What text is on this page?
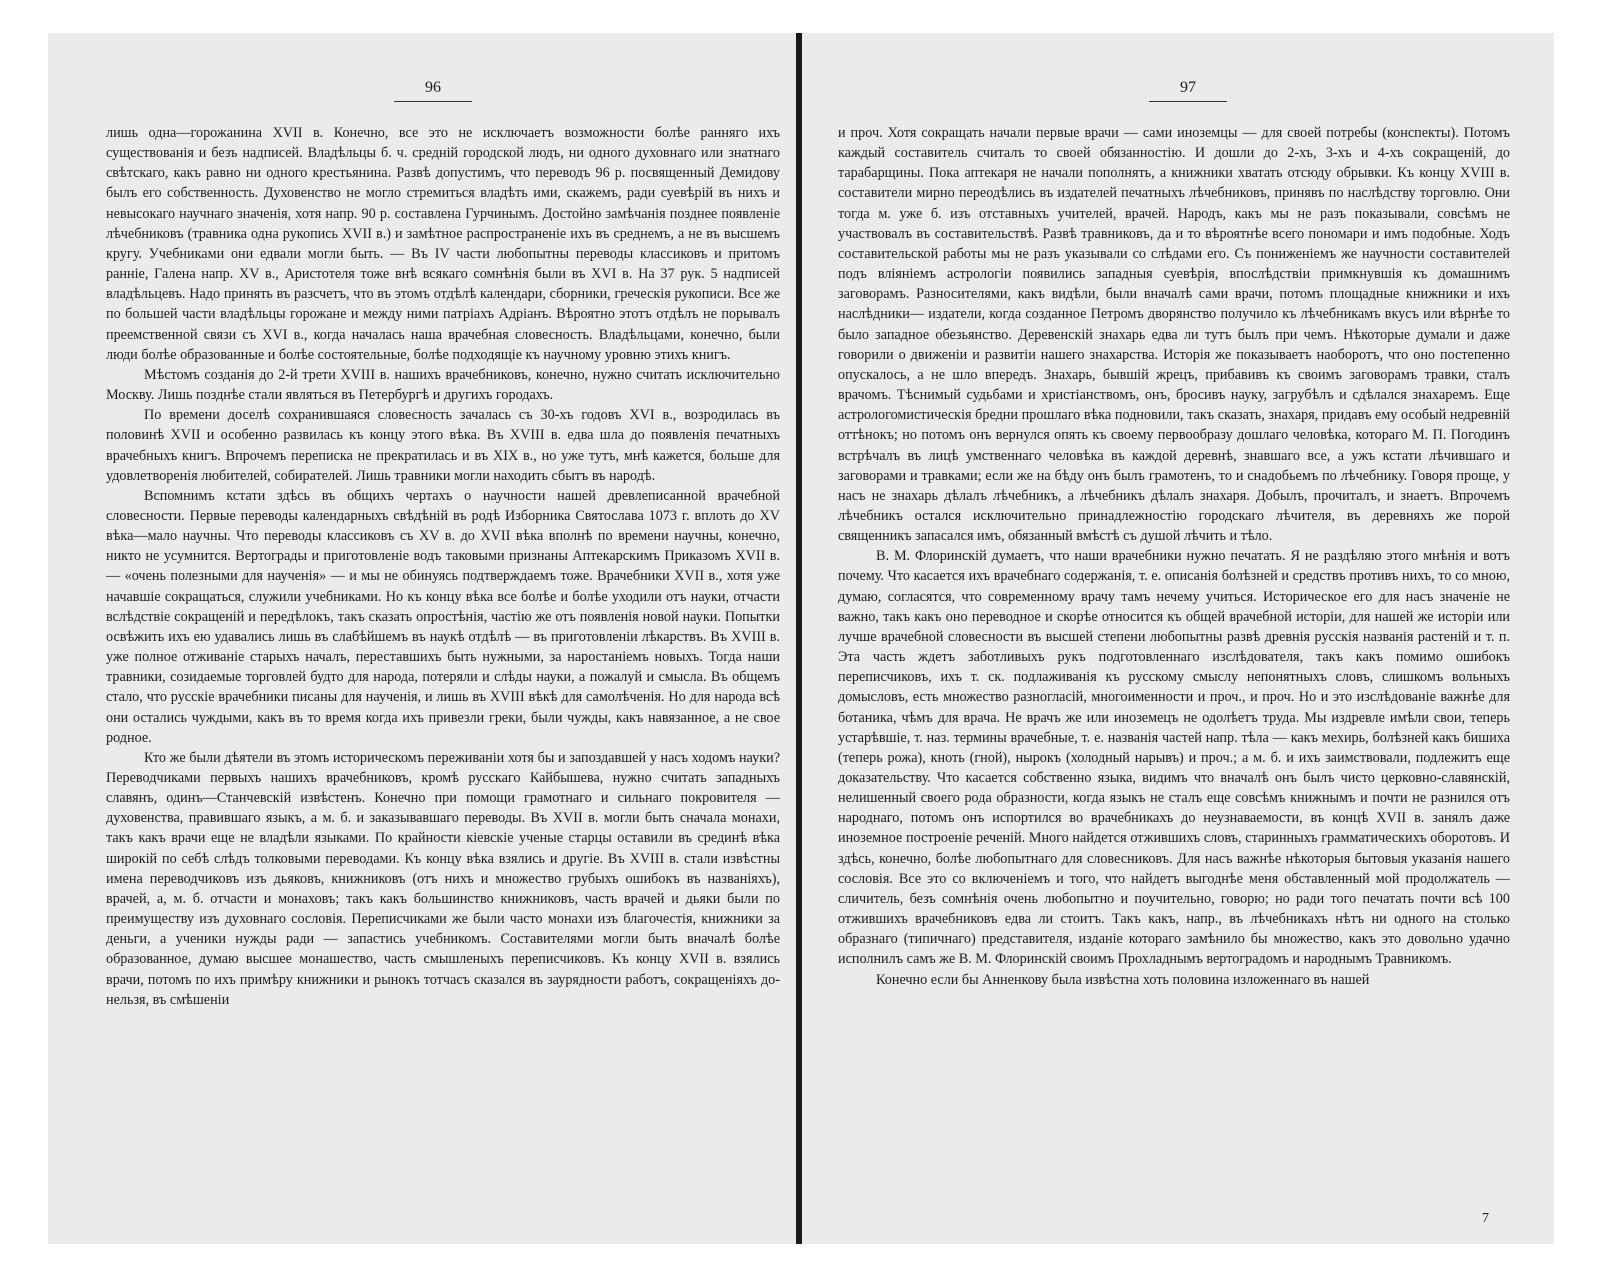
96

лишь одна—горожанина XVII в. Конечно, все это не исключаетъ возможности болѣе ранняго ихъ существованія и безъ надписей. Владѣльцы б. ч. средній городской людъ, ни одного духовнаго или знатнаго свѣтскаго, какъ равно ни одного крестьянина. Развѣ допустимъ, что переводъ 96 р. посвященный Демидову былъ его собственность. Духовенство не могло стремиться владѣть ими, скажемъ, ради суевѣрій въ нихъ и невысокаго научнаго значенія, хотя напр. 90 р. составлена Гурчинымъ. Достойно замѣчанія позднее появленіе лѣчебниковъ (травника одна рукопись XVII в.) и замѣтное распространеніе ихъ въ среднемъ, а не въ высшемъ кругу. Учебниками они едвали могли быть. — Въ IV части любопытны переводы классиковъ и притомъ ранніе, Галена напр. XV в., Аристотеля тоже внѣ всякаго сомнѣнія были въ XVI в. На 37 рук. 5 надписей владѣльцевъ. Надо принять въ разсчетъ, что въ этомъ отдѣлѣ календари, сборники, греческія рукописи. Все же по большей части владѣльцы горожане и между ними патріахъ Адріанъ. Вѣроятно этотъ отдѣлъ не порывалъ преемственной связи съ XVI в., когда началась наша врачебная словесность. Владѣльцами, конечно, были люди болѣе образованные и болѣе состоятельные, болѣе подходящіе къ научному уровню этихъ книгъ.

Мѣстомъ созданія до 2-й трети XVIII в. нашихъ врачебниковъ, конечно, нужно считать исключительно Москву. Лишь позднѣе стали являться въ Петербургѣ и другихъ городахъ.

По времени доселѣ сохранившаяся словесность зачалась съ 30-хъ годовъ XVI в., возродилась въ половинѣ XVII и особенно развилась къ концу этого вѣка. Въ XVIII в. едва шла до появленія печатныхъ врачебныхъ книгъ. Впрочемъ переписка не прекратилась и въ XIX в., но уже тутъ, мнѣ кажется, больше для удовлетворенія любителей, собирателей. Лишь травники могли находить сбытъ въ народѣ.

Вспомнимъ кстати здѣсь въ общихъ чертахъ о научности нашей древлеписанной врачебной словесности. Первые переводы календарныхъ свѣдѣній въ родѣ Изборника Святослава 1073 г. вплоть до XV вѣка—мало научны. Что переводы классиковъ съ XV в. до XVII вѣка вполнѣ по времени научны, конечно, никто не усумнится. Вертограды и приготовленіе водъ таковыми признаны Аптекарскимъ Приказомъ XVII в. — «очень полезными для наученія» — и мы не обинуясь подтверждаемъ тоже. Врачебники XVII в., хотя уже начавшіе сокращаться, служили учебниками. Но къ концу вѣка все болѣе и болѣе уходили отъ науки, отчасти вслѣдствіе сокращеній и передѣлокъ, такъ сказать опростѣнія, частію же отъ появленія новой науки. Попытки освѣжить ихъ ею удавались лишь въ слабѣйшемъ въ наукѣ отдѣлѣ — въ приготовленіи лѣкарствъ. Въ XVIII в. уже полное отживаніе старыхъ началъ, переставшихъ быть нужными, за наростаніемъ новыхъ. Тогда наши травники, созидаемые торговлей будто для народа, потеряли и слѣды науки, а пожалуй и смысла. Въ общемъ стало, что русскіе врачебники писаны для наученія, и лишь въ XVIII вѣкѣ для самолѣченія. Но для народа всѣ они остались чуждыми, какъ въ то время когда ихъ привезли греки, были чужды, какъ навязанное, а не свое родное.

Кто же были дѣятели въ этомъ историческомъ переживаніи хотя бы и запоздавшей у насъ ходомъ науки? Переводчиками первыхъ нашихъ врачебниковъ, кромѣ русскаго Кайбышева, нужно считать западныхъ славянъ, одинъ—Станчевскій извѣстенъ. Конечно при помощи грамотнаго и сильнаго покровителя — духовенства, правившаго языкъ, а м. б. и заказывавшаго переводы. Въ XVII в. могли быть сначала монахи, такъ какъ врачи еще не владѣли языками. По крайности кіевскіе ученые старцы оставили въ срединѣ вѣка широкій по себѣ слѣдъ толковыми переводами. Къ концу вѣка взялись и другіе. Въ XVIII в. стали извѣстны имена переводчиковъ изъ дьяковъ, книжниковъ (отъ нихъ и множество грубыхъ ошибокъ въ названіяхъ), врачей, а, м. б. отчасти и монаховъ; такъ какъ большинство книжниковъ, часть врачей и дьяки были по преимуществу изъ духовнаго сословія. Переписчиками же были часто монахи изъ благочестія, книжники за деньги, а ученики нужды ради — запастись учебникомъ. Составителями могли быть вначалѣ болѣе образованное, думаю высшее монашество, часть смышленыхъ переписчиковъ. Къ концу XVII в. взялись врачи, потомъ по ихъ примѣру книжники и рынокъ тотчасъ сказался въ заурядности работъ, сокращеніяхъ до-нельзя, въ смѣшеніи

97

и проч. Хотя сокращать начали первые врачи — сами иноземцы — для своей потребы (конспекты). Потомъ каждый составитель считалъ то своей обязанностію. И дошли до 2-хъ, 3-хъ и 4-хъ сокращеній, до тарабарщины. Пока аптекаря не начали пополнять, а книжники хватать отсюду обрывки. Къ концу XVIII в. составители мирно переодѣлись въ издателей печатныхъ лѣчебниковъ, принявъ по наслѣдству торговлю. Они тогда м. уже б. изъ отставныхъ учителей, врачей. Народъ, какъ мы не разъ показывали, совсѣмъ не участвовалъ въ составительствѣ. Развѣ травниковъ, да и то вѣроятнѣе всего пономари и имъ подобные. Ходъ составительской работы мы не разъ указывали со слѣдами его. Съ пониженіемъ же научности составителей подъ вліяніемъ астрологіи появились западныя суевѣрія, впослѣдствіи примкнувшія къ домашнимъ заговорамъ. Разносителями, какъ видѣли, были вначалѣ сами врачи, потомъ площадные книжники и ихъ наслѣдники— издатели, когда созданное Петромъ дворянство получило къ лѣчебникамъ вкусъ или вѣрнѣе то было западное обезьянство. Деревенскій знахарь едва ли тутъ былъ при чемъ. Нѣкоторые думали и даже говорили о движеніи и развитіи нашего знахарства. Исторія же показываетъ наоборотъ, что оно постепенно опускалось, а не шло впередъ. Знахарь, бывшій жрецъ, прибавивъ къ своимъ заговорамъ травки, сталъ врачомъ. Тѣснимый судьбами и христіанствомъ, онъ, бросивъ науку, загрубѣлъ и сдѣлался знахаремъ. Еще астрологомистическія бредни прошлаго вѣка подновили, такъ сказать, знахаря, придавъ ему особый недревній оттѣнокъ; но потомъ онъ вернулся опять къ своему первообразу дошлаго человѣка, котораго М. П. Погодинъ встрѣчалъ въ лицѣ умственнаго человѣка въ каждой деревнѣ, знавшаго все, а ужъ кстати лѣчившаго и заговорами и травками; если же на бѣду онъ былъ грамотенъ, то и снадобьемъ по лѣчебнику. Говоря проще, у насъ не знахарь дѣлалъ лѣчебникъ, а лѣчебникъ дѣлалъ знахаря. Добылъ, прочиталъ, и знаетъ. Впрочемъ лѣчебникъ остался исключительно принадлежностію городскаго лѣчителя, въ деревняхъ же порой священникъ запасался имъ, обязанный вмѣстѣ съ душой лѣчить и тѣло.

В. М. Флоринскій думаетъ, что наши врачебники нужно печатать. Я не раздѣляю этого мнѣнія и вотъ почему. Что касается ихъ врачебнаго содержанія, т. е. описанія болѣзней и средствъ противъ нихъ, то со мною, думаю, согласятся, что современному врачу тамъ нечему учиться. Историческое его для насъ значеніе не важно, такъ какъ оно переводное и скорѣе относится къ общей врачебной исторіи, для нашей же исторіи или лучше врачебной словесности въ высшей степени любопытны развѣ древнія русскія названія растеній и т. п. Эта часть ждетъ заботливыхъ рукъ подготовленнаго изслѣдователя, такъ какъ помимо ошибокъ переписчиковъ, ихъ т. ск. подлаживанія къ русскому смыслу непонятныхъ словъ, слишкомъ вольныхъ домысловъ, есть множество разногласій, многоименности и проч., и проч. Но и это изслѣдованіе важнѣе для ботаника, чѣмъ для врача. Не врачъ же или иноземецъ не одолѣетъ труда. Мы издревле имѣли свои, теперь устарѣвшіе, т. наз. термины врачебные, т. е. названія частей напр. тѣла — какъ мехирь, болѣзней какъ бишиха (теперь рожа), кноть (гной), нырокъ (холодный нарывъ) и проч.; а м. б. и ихъ заимствовали, подлежитъ еще доказательству. Что касается собственно языка, видимъ что вначалѣ онъ былъ чисто церковно-славянскій, нелишенный своего рода образности, когда языкъ не сталъ еще совсѣмъ книжнымъ и почти не разнился отъ народнаго, потомъ онъ испортился во врачебникахъ до неузнаваемости, въ концѣ XVII в. занялъ даже иноземное построеніе реченій. Много найдется отжившихъ словъ, старинныхъ грамматическихъ оборотовъ. И здѣсь, конечно, болѣе любопытнаго для словесниковъ. Для насъ важнѣе нѣкоторыя бытовыя указанія нашего сословія. Все это со включеніемъ и того, что найдетъ выгоднѣе меня обставленный мой продолжатель — сличитель, безъ сомнѣнія очень любопытно и поучительно, говорю; но ради того печатать почти всѣ 100 отжившихъ врачебниковъ едва ли стоитъ. Такъ какъ, напр., въ лѣчебникахъ нѣтъ ни одного на столько образнаго (типичнаго) представителя, изданіе котораго замѣнило бы множество, какъ это довольно удачно исполнилъ самъ же В. М. Флоринскій своимъ Прохладнымъ вертоградомъ и народнымъ Травникомъ.

Конечно если бы Анненкову была извѣстна хоть половина изложеннаго въ нашей

7
